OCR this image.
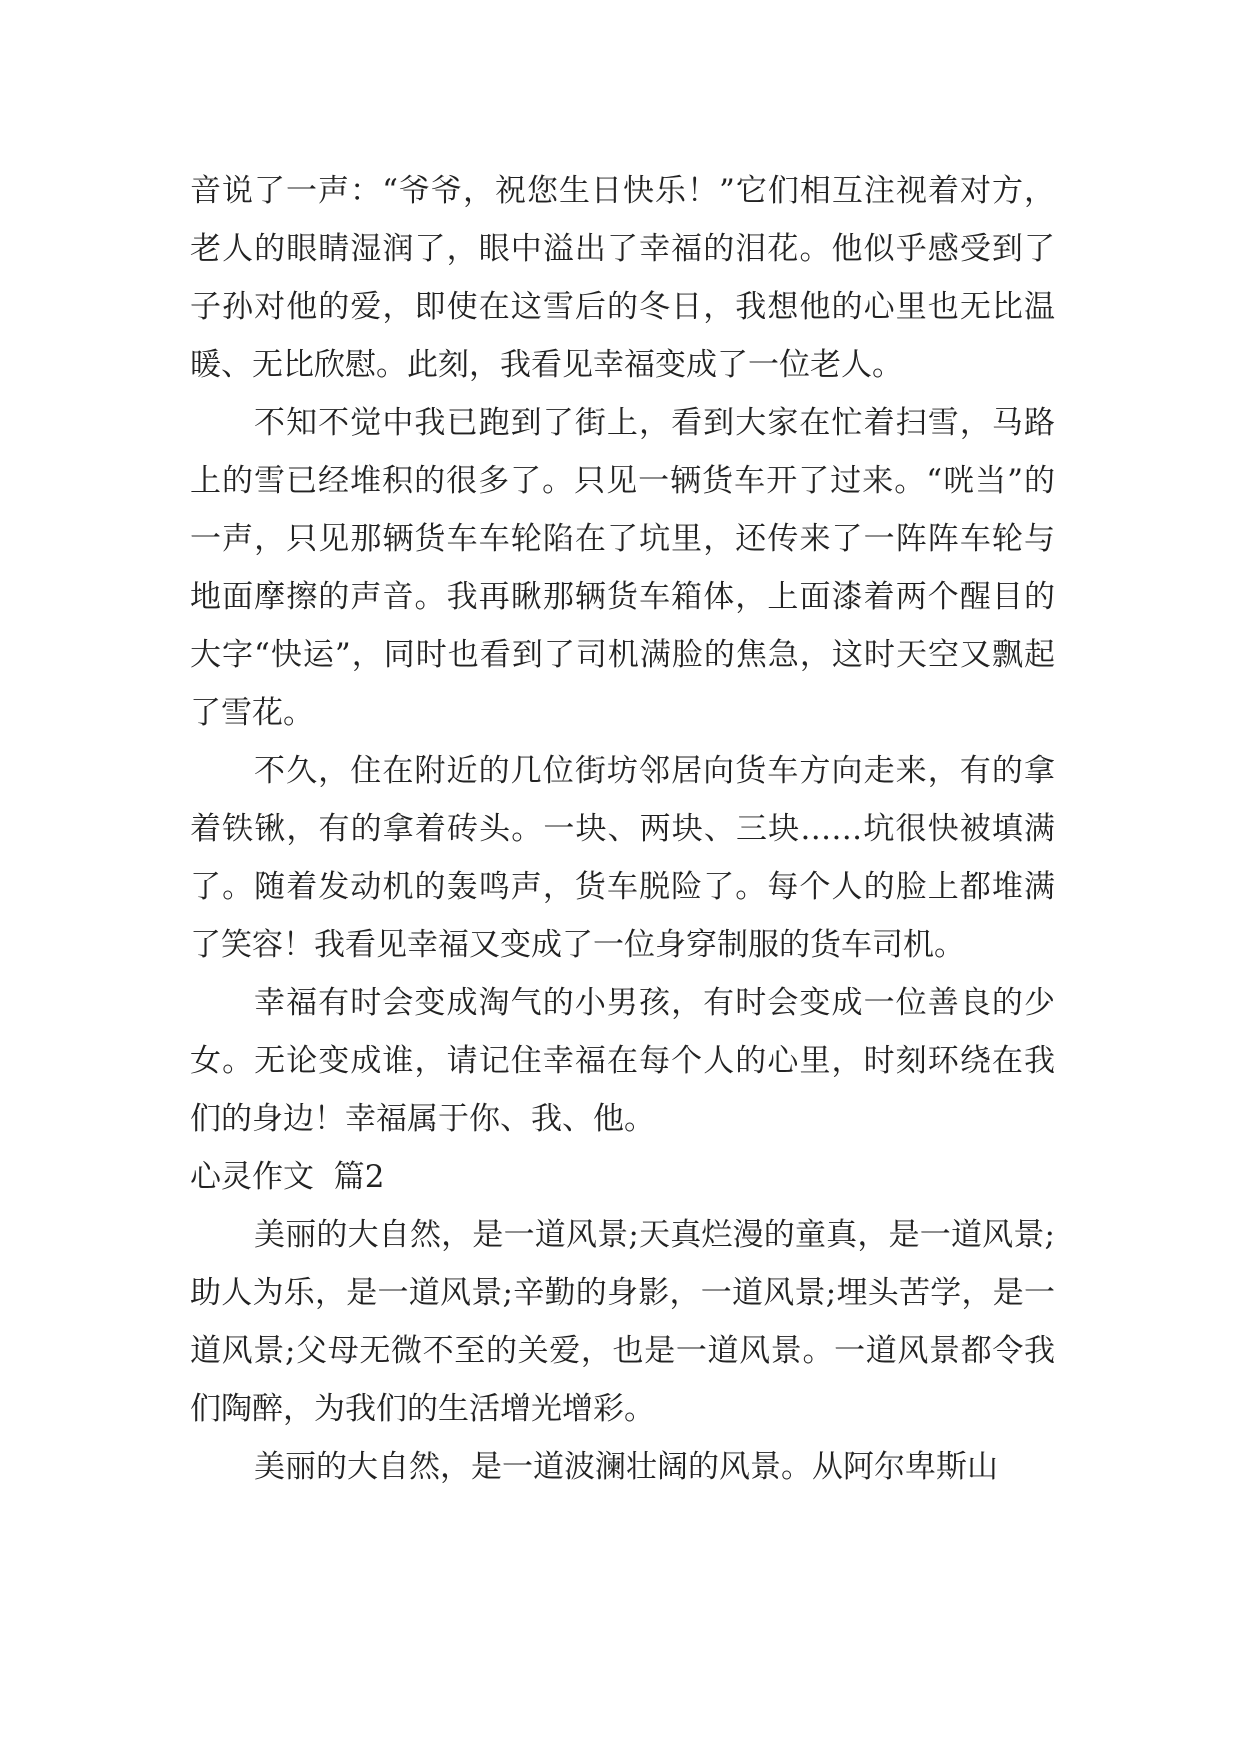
音说了一声：“爷爷，祝您生日快乐！”它们相互注视着对方，老人的眼睛湿润了，眼中溢出了幸福的泪花。他似乎感受到了子孙对他的爱，即使在这雪后的冬日，我想他的心里也无比温暖、无比欣慰。此刻，我看见幸福变成了一位老人。

不知不觉中我已跑到了街上，看到大家在忙着扫雪，马路上的雪已经堆积的很多了。只见一辆货车开了过来。“咣当”的一声，只见那辆货车车轮陷在了坑里，还传来了一阵阵车轮与地面摩擦的声音。我再瞅那辆货车箱体，上面漆着两个醒目的大字“快运”，同时也看到了司机满脸的焦急，这时天空又飘起了雪花。

不久，住在附近的几位街坊邻居向货车方向走来，有的拿着铁锹，有的拿着砖头。一块、两块、三块……坑很快被填满了。随着发动机的轰鸣声，货车脱险了。每个人的脸上都堆满了笑容！我看见幸福又变成了一位身穿制服的货车司机。

幸福有时会变成淘气的小男孩，有时会变成一位善良的少女。无论变成谁，请记住幸福在每个人的心里，时刻环绕在我们的身边！幸福属于你、我、他。

心灵作文  篇2

美丽的大自然，是一道风景;天真烂漫的童真，是一道风景;助人为乐，是一道风景;辛勤的身影，一道风景;埋头苦学，是一道风景;父母无微不至的关爱，也是一道风景。一道风景都令我们陶醉，为我们的生活增光增彩。

美丽的大自然，是一道波澜壮阔的风景。从阿尔卑斯山
